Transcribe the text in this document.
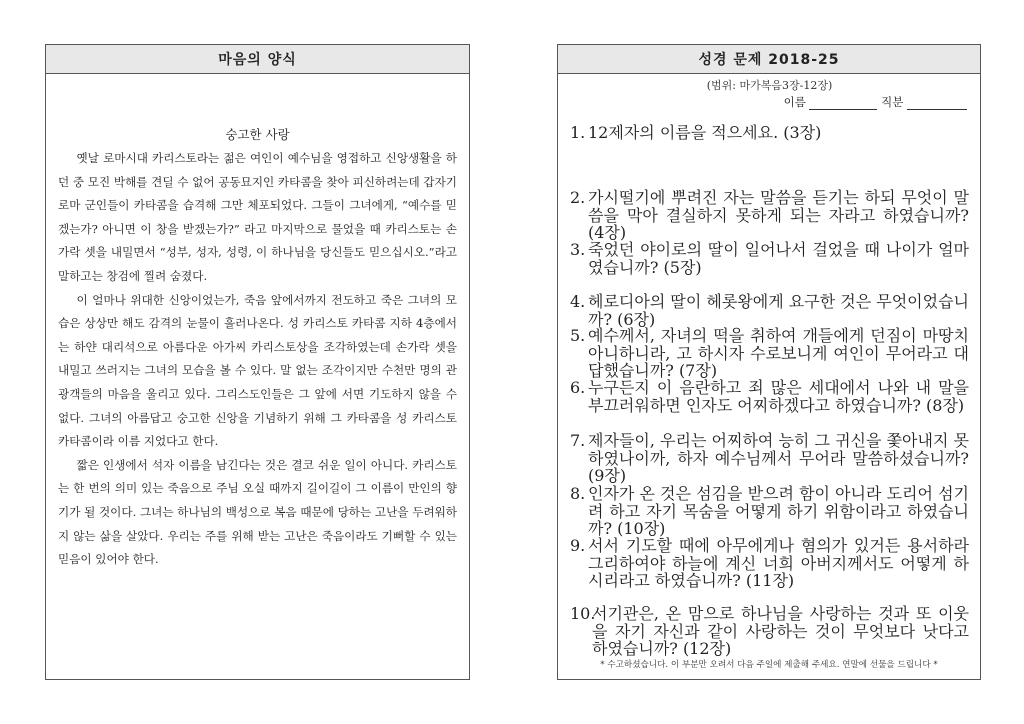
마음의 양식
숭고한 사랑

옛날 로마시대 카리스토라는 젊은 여인이 예수님을 영접하고 신앙생활을 하던 중 모진 박해를 견딜 수 없어 공동묘지인 카타콤을 찾아 피신하려는데 갑자기 로마 군인들이 카타콤을 습격해 그만 체포되었다. 그들이 그녀에게, “예수를 믿겠는가? 아니면 이 창을 받겠는가?” 라고 마지막으로 물었을 때 카리스토는 손가락 셋을 내밀면서 “성부, 성자, 성령, 이 하나님을 당신들도 믿으십시오.”라고 말하고는 창검에 찔려 숨졌다.

이 얼마나 위대한 신앙이었는가, 죽음 앞에서까지 전도하고 죽은 그녀의 모습은 상상만 해도 감격의 눈물이 흘러나온다. 성 카리스토 카타콤 지하 4층에서는 하얀 대리석으로 아름다운 아가씨 카리스토상을 조각하였는데 손가락 셋을 내밀고 쓰러지는 그녀의 모습을 볼 수 있다. 말 없는 조각이지만 수천만 명의 관광객들의 마음을 울리고 있다. 그리스도인들은 그 앞에 서면 기도하지 않을 수 없다. 그녀의 아름답고 숭고한 신앙을 기념하기 위해 그 카타콤을 성 카리스토 카타콤이라 이름 지었다고 한다.

짧은 인생에서 석자 이름을 남긴다는 것은 결코 쉬운 일이 아니다. 카리스토는 한 번의 의미 있는 죽음으로 주님 오실 때까지 길이길이 그 이름이 만인의 향기가 될 것이다. 그녀는 하나님의 백성으로 복음 때문에 당하는 고난을 두려워하지 않는 삶을 살았다. 우리는 주를 위해 받는 고난은 죽음이라도 기뻐할 수 있는 믿음이 있어야 한다.

성경 문제 2018-25
(범위: 마가복음3장-12장)
이름	직분
1. 12제자의 이름을 적으세요. (3장)
2. 가시떨기에 뿌려진 자는 말씀을 듣기는 하되 무엇이 말씀을 막아 결실하지 못하게 되는 자라고 하였습니까? (4장)
3. 죽었던 야이로의 딸이 일어나서 걸었을 때 나이가 얼마였습니까? (5장)
4. 헤로디아의 딸이 헤롯왕에게 요구한 것은 무엇이었습니까? (6장)
5. 예수께서, 자녀의 떡을 취하여 개들에게 던짐이 마땅치 아니하니라, 고 하시자 수로보니게 여인이 무어라고 대답했습니까? (7장)
6. 누구든지 이 음란하고 죄 많은 세대에서 나와 내 말을 부끄러워하면 인자도 어찌하겠다고 하였습니까? (8장)
7. 제자들이, 우리는 어찌하여 능히 그 귀신을 쫓아내지 못하였나이까, 하자 예수님께서 무어라 말씀하셨습니까? (9장)
8. 인자가 온 것은 섬김을 받으려 함이 아니라 도리어 섬기려 하고 자기 목숨을 어떻게 하기 위함이라고 하였습니까? (10장)
9. 서서 기도할 때에 아무에게나 혐의가 있거든 용서하라 그리하여야 하늘에 계신 너희 아버지께서도 어떻게 하시리라고 하였습니까? (11장)
10.
서기관은, 온 맘으로 하나님을 사랑하는 것과 또 이웃을 자기 자신과 같이 사랑하는 것이 무엇보다 낫다고 하였습니까? (12장)
* 수고하셨습니다. 이 부분만 오려서 다음 주일에 제출해 주세요. 연말에 선물을 드립니다 *
